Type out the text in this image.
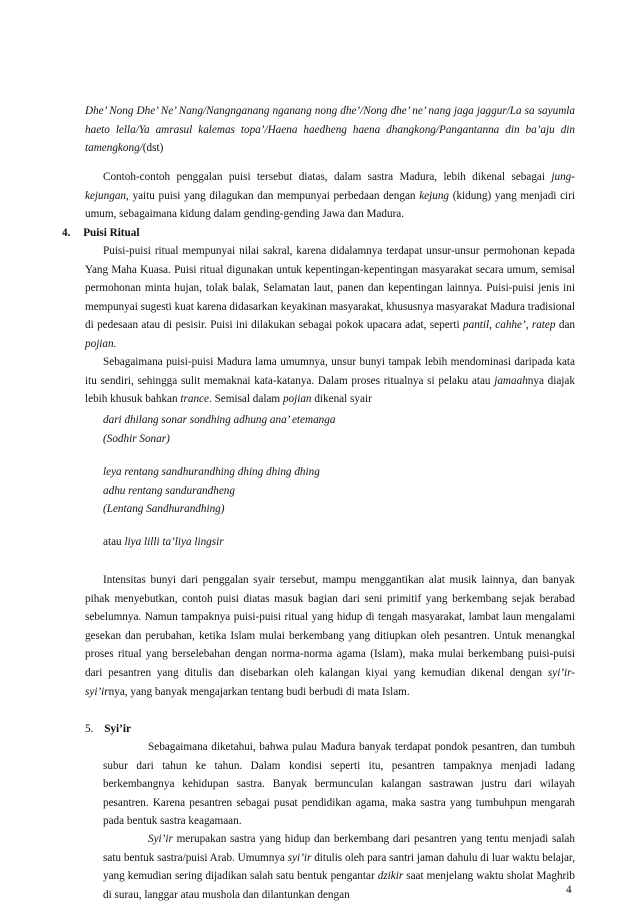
Dhe’ Nong Dhe’ Ne’ Nang/Nangnganang nganang nong dhe’/Nong dhe’ ne’ nang jaga jaggur/La sa sayumla haeto lella/Ya amrasul kalemas topa’/Haena haedheng haena dhangkong/Pangantanna din ba’aju din tamengkong/(dst)
Contoh-contoh penggalan puisi tersebut diatas, dalam sastra Madura, lebih dikenal sebagai jung-kejungan, yaitu puisi yang dilagukan dan mempunyai perbedaan dengan kejung (kidung) yang menjadi ciri umum, sebagaimana kidung dalam gending-gending Jawa dan Madura.
4. Puisi Ritual
Puisi-puisi ritual mempunyai nilai sakral, karena didalamnya terdapat unsur-unsur permohonan kepada Yang Maha Kuasa. Puisi ritual digunakan untuk kepentingan-kepentingan masyarakat secara umum, semisal permohonan minta hujan, tolak balak, Selamatan laut, panen dan kepentingan lainnya. Puisi-puisi jenis ini mempunyai sugesti kuat karena didasarkan keyakinan masyarakat, khususnya masyarakat Madura tradisional di pedesaan atau di pesisir. Puisi ini dilakukan sebagai pokok upacara adat, seperti pantil, cahhe’, ratep dan pojian.
Sebagaimana puisi-puisi Madura lama umumnya, unsur bunyi tampak lebih mendominasi daripada kata itu sendiri, sehingga sulit memaknai kata-katanya. Dalam proses ritualnya si pelaku atau jamaahnya diajak lebih khusuk bahkan trance. Semisal dalam pojian dikenal syair
dari dhilang sonar sondhing adhung ana’ etemanga
(Sodhir Sonar)
leya rentang sandhurandhing dhing dhing dhing
adhu rentang sandurandheng
(Lentang Sandhurandhing)
atau liya lilli ta’liya lingsir
Intensitas bunyi dari penggalan syair tersebut, mampu menggantikan alat musik lainnya, dan banyak pihak menyebutkan, contoh puisi diatas masuk bagian dari seni primitif yang berkembang sejak berabad sebelumnya. Namun tampaknya puisi-puisi ritual yang hidup di tengah masyarakat, lambat laun mengalami gesekan dan perubahan, ketika Islam mulai berkembang yang ditiupkan oleh pesantren. Untuk menangkal proses ritual yang berselebahan dengan norma-norma agama (Islam), maka mulai berkembang puisi-puisi dari pesantren yang ditulis dan disebarkan oleh kalangan kiyai yang kemudian dikenal dengan syi’ir-syi’irnya, yang banyak mengajarkan tentang budi berbudi di mata Islam.
5. Syi’ir
Sebagaimana diketahui, bahwa pulau Madura banyak terdapat pondok pesantren, dan tumbuh subur dari tahun ke tahun. Dalam kondisi seperti itu, pesantren tampaknya menjadi ladang berkembangnya kehidupan sastra. Banyak bermunculan kalangan sastrawan justru dari wilayah pesantren. Karena pesantren sebagai pusat pendidikan agama, maka sastra yang tumbuhpun mengarah pada bentuk sastra keagamaan.
Syi’ir merupakan sastra yang hidup dan berkembang dari pesantren yang tentu menjadi salah satu bentuk sastra/puisi Arab. Umumnya syi’ir ditulis oleh para santri jaman dahulu di luar waktu belajar, yang kemudian sering dijadikan salah satu bentuk pengantar dzikir saat menjelang waktu sholat Maghrib di surau, langgar atau mushola dan dilantunkan dengan	4
